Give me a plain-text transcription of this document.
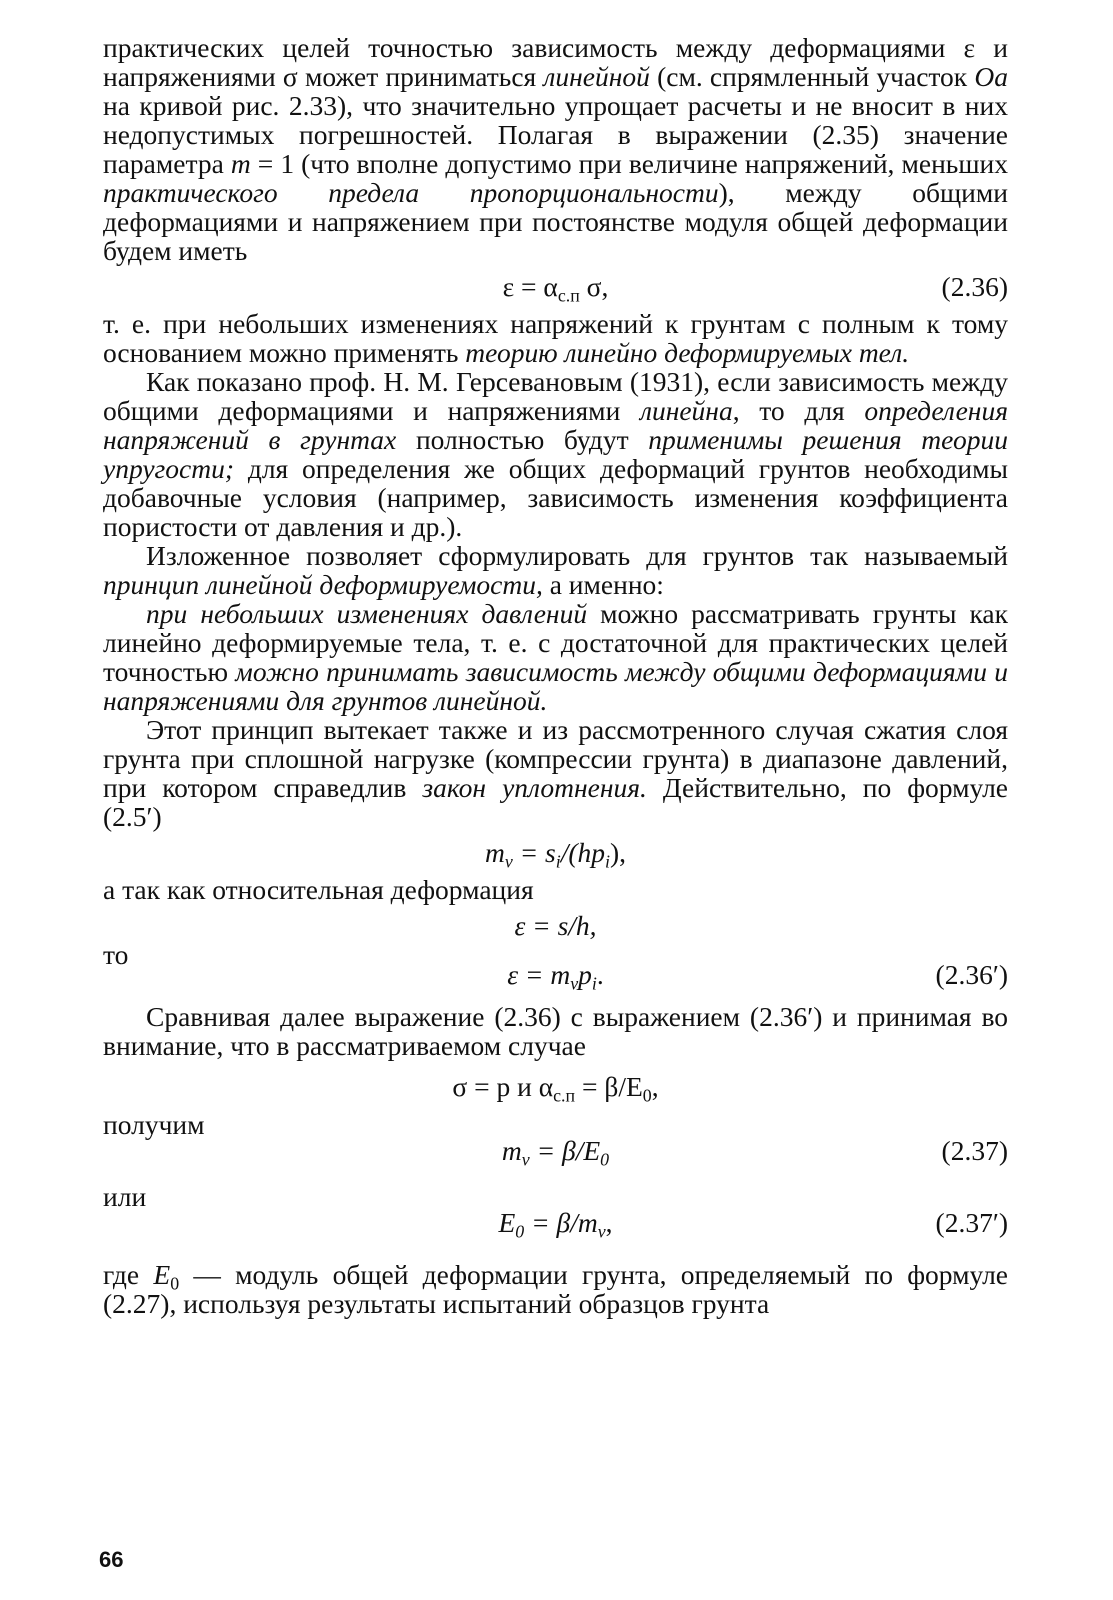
практических целей точностью зависимость между деформациями ε и напряжениями σ может приниматься линейной (см. спрямленный участок Oa на кривой рис. 2.33), что значительно упрощает расчеты и не вносит в них недопустимых погрешностей. Полагая в выражении (2.35) значение параметра m = 1 (что вполне допустимо при величине напряжений, меньших практического предела пропорциональности), между общими деформациями и напряжением при постоянстве модуля общей деформации будем иметь

$\varepsilon = \alpha_{с.п}$ σ,	(2.36)

т. е. при небольших изменениях напряжений к грунтам с полным к тому основанием можно применять теорию линейно деформируемых тел.

Как показано проф. Н. М. Герсевановым (1931), если зависимость между общими деформациями и напряжениями линейна, то для определения напряжений в грунтах полностью будут применимы решения теории упругости; для определения же общих деформаций грунтов необходимы добавочные условия (например, зависимость изменения коэффициента пористости от давления и др.).

Изложенное позволяет сформулировать для грунтов так называемый принцип линейной деформируемости, а именно:

при небольших изменениях давлений можно рассматривать грунты как линейно деформируемые тела, т. е. с достаточной для практических целей точностью можно принимать зависимость между общими деформациями и напряжениями для грунтов линейной.

Этот принцип вытекает также и из рассмотренного случая сжатия слоя грунта при сплошной нагрузке (компрессии грунта) в диапазоне давлений, при котором справедлив закон уплотнения. Действительно, по формуле (2.5′)

$m_v = s_i/(hp_i)$,

а так как относительная деформация

ε = s/h,
то
$\varepsilon = m_vp_i$.	(2.36′)

Сравнивая далее выражение (2.36) с выражением (2.36′) и принимая во внимание, что в рассматриваемом случае

σ = p и $\alpha_{с.п} = \beta/E_0$,
получим
$m_v = \beta/E_0$	(2.37)
или
$E_0 = \beta/m_v$,	(2.37′)

где $E_0$ — модуль общей деформации грунта, определяемый по формуле (2.27), используя результаты испытаний образцов грунта

66
